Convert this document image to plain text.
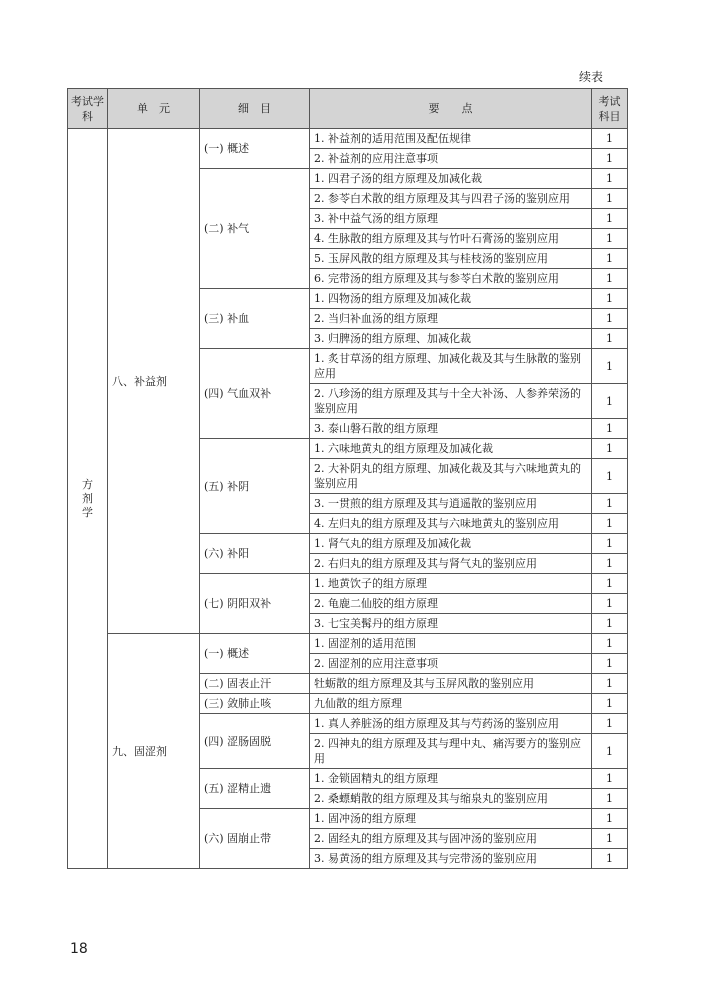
续表
考试学科	单　元	细　目	要　　点	考试科目
方剂学	八、补益剂	(一) 概述	1. 补益剂的适用范围及配伍规律	1
			2. 补益剂的应用注意事项	1
		(二) 补气	1. 四君子汤的组方原理及加减化裁	1
			2. 参苓白术散的组方原理及其与四君子汤的鉴别应用	1
			3. 补中益气汤的组方原理	1
			4. 生脉散的组方原理及其与竹叶石膏汤的鉴别应用	1
			5. 玉屏风散的组方原理及其与桂枝汤的鉴别应用	1
			6. 完带汤的组方原理及其与参苓白术散的鉴别应用	1
		(三) 补血	1. 四物汤的组方原理及加减化裁	1
			2. 当归补血汤的组方原理	1
			3. 归脾汤的组方原理、加减化裁	1
		(四) 气血双补	1. 炙甘草汤的组方原理、加减化裁及其与生脉散的鉴别应用	1
			2. 八珍汤的组方原理及其与十全大补汤、人参养荣汤的鉴别应用	1
			3. 泰山磐石散的组方原理	1
		(五) 补阴	1. 六味地黄丸的组方原理及加减化裁	1
			2. 大补阴丸的组方原理、加减化裁及其与六味地黄丸的鉴别应用	1
			3. 一贯煎的组方原理及其与逍遥散的鉴别应用	1
			4. 左归丸的组方原理及其与六味地黄丸的鉴别应用	1
		(六) 补阳	1. 肾气丸的组方原理及加减化裁	1
			2. 右归丸的组方原理及其与肾气丸的鉴别应用	1
		(七) 阴阳双补	1. 地黄饮子的组方原理	1
			2. 龟鹿二仙胶的组方原理	1
			3. 七宝美髯丹的组方原理	1
	九、固涩剂	(一) 概述	1. 固涩剂的适用范围	1
			2. 固涩剂的应用注意事项	1
		(二) 固表止汗	牡蛎散的组方原理及其与玉屏风散的鉴别应用	1
		(三) 敛肺止咳	九仙散的组方原理	1
		(四) 涩肠固脱	1. 真人养脏汤的组方原理及其与芍药汤的鉴别应用	1
			2. 四神丸的组方原理及其与理中丸、痛泻要方的鉴别应用	1
		(五) 涩精止遗	1. 金锁固精丸的组方原理	1
			2. 桑螵蛸散的组方原理及其与缩泉丸的鉴别应用	1
		(六) 固崩止带	1. 固冲汤的组方原理	1
			2. 固经丸的组方原理及其与固冲汤的鉴别应用	1
			3. 易黄汤的组方原理及其与完带汤的鉴别应用	1
18
